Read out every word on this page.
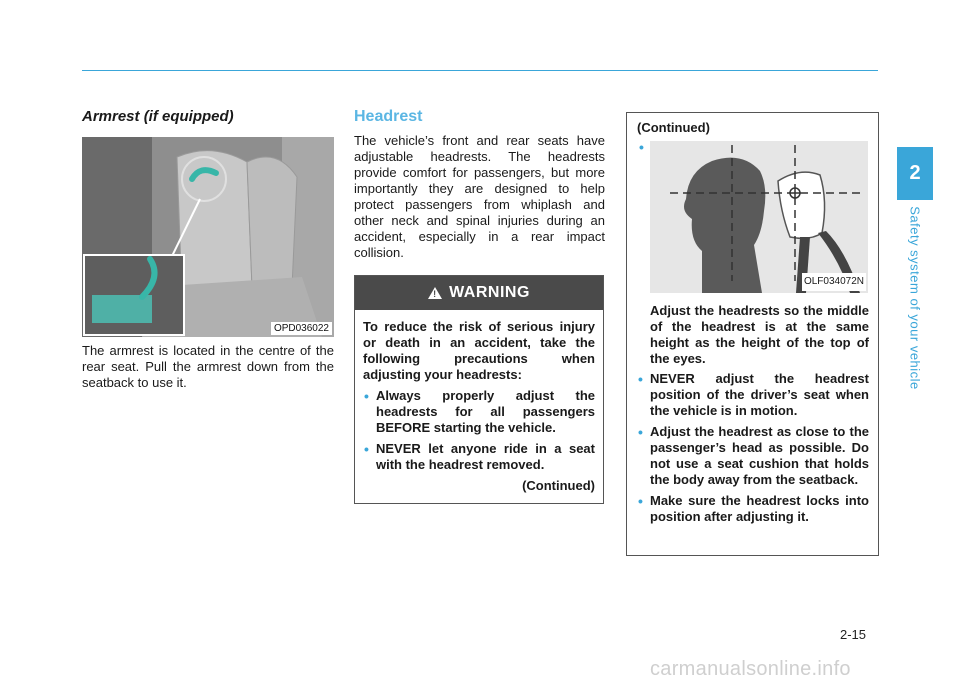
Armrest (if equipped)
OPD036022

The armrest is located in the centre of the rear seat. Pull the armrest down from the seatback to use it.

Headrest

The vehicle’s front and rear seats have adjustable headrests. The headrests provide comfort for passengers, but more importantly they are designed to help protect passengers from whiplash and other neck and spinal injuries during an accident, especially in a rear impact collision.

! WARNING

To reduce the risk of serious injury or death in an accident, take the following precautions when adjusting your headrests:

• Always properly adjust the headrests for all passengers BEFORE starting the vehicle.
• NEVER let anyone ride in a seat with the headrest removed.

(Continued)

(Continued)

•
OLF034072N

Adjust the headrests so the middle of the headrest is at the same height as the height of the top of the eyes.

• NEVER adjust the headrest position of the driver’s seat when the vehicle is in motion.
• Adjust the headrest as close to the passenger’s head as possible. Do not use a seat cushion that holds the body away from the seatback.
• Make sure the headrest locks into position after adjusting it.
2
Safety system of your vehicle

2-15

carmanualsonline.info
